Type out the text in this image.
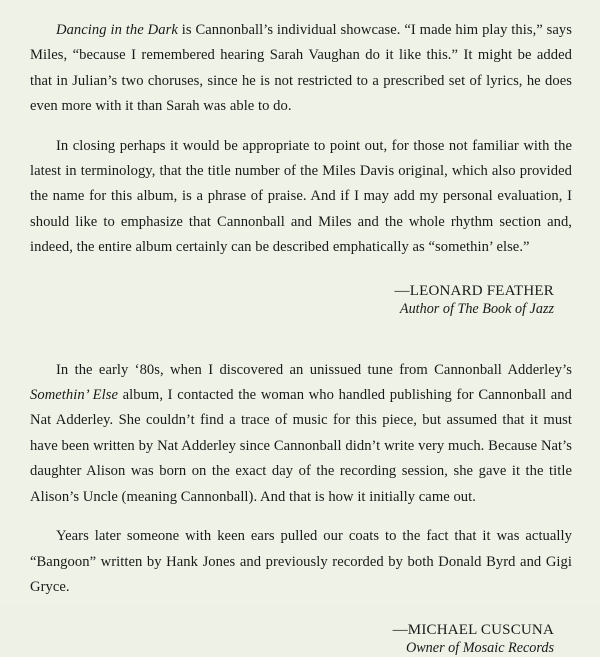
Dancing in the Dark is Cannonball’s individual showcase. “I made him play this,” says Miles, “because I remembered hearing Sarah Vaughan do it like this.” It might be added that in Julian’s two choruses, since he is not restricted to a prescribed set of lyrics, he does even more with it than Sarah was able to do.

In closing perhaps it would be appropriate to point out, for those not familiar with the latest in terminology, that the title number of the Miles Davis original, which also provided the name for this album, is a phrase of praise. And if I may add my personal evaluation, I should like to emphasize that Cannonball and Miles and the whole rhythm section and, indeed, the entire album certainly can be described emphatically as “somethin’ else.”

—LEONARD FEATHER
Author of The Book of Jazz

In the early ‘80s, when I discovered an unissued tune from Cannonball Adderley’s Somethin’ Else album, I contacted the woman who handled publishing for Cannonball and Nat Adderley. She couldn’t find a trace of music for this piece, but assumed that it must have been written by Nat Adderley since Cannonball didn’t write very much. Because Nat’s daughter Alison was born on the exact day of the recording session, she gave it the title Alison’s Uncle (meaning Cannonball). And that is how it initially came out.

Years later someone with keen ears pulled our coats to the fact that it was actually “Bangoon” written by Hank Jones and previously recorded by both Donald Byrd and Gigi Gryce.

—MICHAEL CUSCUNA
Owner of Mosaic Records
